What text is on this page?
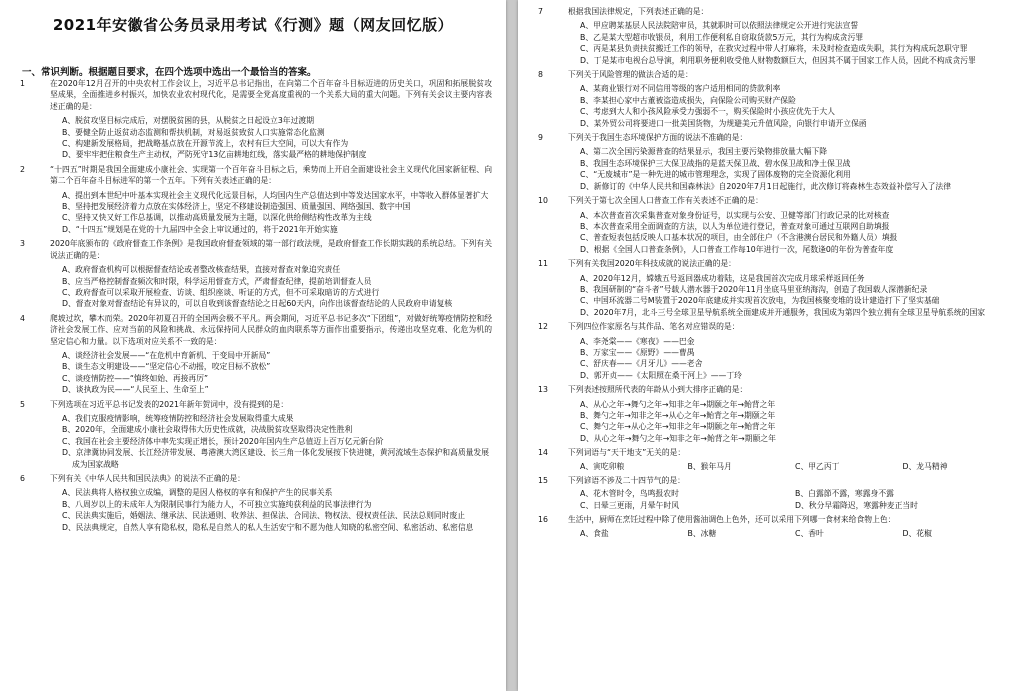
2021年安徽省公务员录用考试《行测》题（网友回忆版）
一、常识判断。根据题目要求，在四个选项中选出一个最恰当的答案。
1	在2020年12月召开的中央农村工作会议上，习近平总书记指出，在向第二个百年奋斗目标迈进的历史关口，巩固和拓展脱贫攻坚成果，全面推进乡村振兴，加快农业农村现代化，是需要全党高度重视的一个关系大局的重大问题。下列有关会议主要内容表述正确的是：
A、脱贫攻坚目标完成后，对摆脱贫困的县，从脱贫之日起设立3年过渡期
B、要健全防止返贫动态监测和帮扶机制，对易返贫致贫人口实施常态化监测
C、构建新发展格局，把战略基点放在开源节流上，农村有巨大空间，可以大有作为
D、要牢牢把住粮食生产主动权，严防死守13亿亩耕地红线，落实最严格的耕地保护制度
2	“十四五”时期是我国全面建成小康社会、实现第一个百年奋斗目标之后，乘势而上开启全面建设社会主义现代化国家新征程、向第二个百年奋斗目标进军的第一个五年。下列有关表述正确的是：
A、提出到本世纪中叶基本实现社会主义现代化远景目标，人均国内生产总值达到中等发达国家水平，中等收入群体显著扩大
B、坚持把发展经济着力点放在实体经济上，坚定不移建设制造强国、质量强国、网络强国、数字中国
C、坚持又快又好工作总基调，以推动高质量发展为主题，以深化供给侧结构性改革为主线
D、“十四五”规划是在党的十九届四中全会上审议通过的，将于2021年开始实施
3	2020年底颁布的《政府督查工作条例》是我国政府督查领域的第一部行政法规，是政府督查工作长期实践的系统总结。下列有关说法正确的是：
A、政府督查机构可以根据督查结论或者整改核查结果，直接对督查对象追究责任
B、应当严格控制督查频次和时限，科学运用督查方式，严肃督查纪律，提前培训督查人员
C、政府督查可以采取开展检查、访谈、组织座谈、听证的方式，但不可采取暗访的方式进行
D、督查对象对督查结论有异议的，可以自收到该督查结论之日起60天内，向作出该督查结论的人民政府申请复核
4	爬坡过坎，攀木而荣。2020年初夏召开的全国两会极不平凡。两会期间，习近平总书记多次“下团组”，对做好统筹疫情防控和经济社会发展工作、应对当前的风险和挑战、永远保持同人民群众的血肉联系等方面作出重要指示，传递出攻坚克难、化危为机的坚定信心和力量。以下选项对应关系不一致的是：
A、谈经济社会发展——“在危机中育新机、于变局中开新局”
B、谈生态文明建设——“坚定信心不动摇，咬定目标不放松”
C、谈疫情防控——“慎终如始、再接再厉”
D、谈执政为民——“人民至上、生命至上”
5	下列选项在习近平总书记发表的2021年新年贺词中，没有提到的是：
A、我们克服疫情影响，统筹疫情防控和经济社会发展取得重大成果
B、2020年，全面建成小康社会取得伟大历史性成就，决战脱贫攻坚取得决定性胜利
C、我国在社会主要经济体中率先实现正增长，预计2020年国内生产总值迈上百万亿元新台阶
D、京津冀协同发展、长江经济带发展、粤港澳大湾区建设、长三角一体化发展按下快进键，黄河流域生态保护和高质量发展成为国家战略
6	下列有关《中华人民共和国民法典》的说法不正确的是：
A、民法典将人格权独立成编，调整的是因人格权的享有和保护产生的民事关系
B、八周岁以上的未成年人为限制民事行为能力人，不可独立实施纯获利益的民事法律行为
C、民法典实施后，婚姻法、继承法、民法通则、收养法、担保法、合同法、物权法、侵权责任法、民法总则同时废止
D、民法典规定，自然人享有隐私权，隐私是自然人的私人生活安宁和不愿为他人知晓的私密空间、私密活动、私密信息
7	根据我国法律规定，下列表述正确的是：
A、甲应聘某基层人民法院陪审员，其就职时可以依照法律规定公开进行宪法宣誓
B、乙是某大型超市收银员，利用工作便利私自窃取货款5万元，其行为构成贪污罪
C、丙是某县负责扶贫搬迁工作的领导，在救灾过程中带人打麻将，未及时检查造成失职，其行为构成玩忽职守罪
D、丁是某市电视台总导演，利用职务便利收受他人财物数额巨大，但因其不属于国家工作人员，因此不构成贪污罪
8	下列关于风险管理的做法合适的是：
A、某商业银行对不同信用等级的客户适用相同的贷款利率
B、李某担心家中古董被盗造成损失，向保险公司购买财产保险
C、考虑到大人和小孩风险承受力强弱不一，购买保险时小孩应优先于大人
D、某外贸公司将要进口一批美国货物，为规避美元升值风险，向银行申请开立保函
9	下列关于我国生态环境保护方面的说法不准确的是：
A、第二次全国污染源普查的结果显示，我国主要污染物排放量大幅下降
B、我国生态环境保护三大保卫战指的是蓝天保卫战、碧水保卫战和净土保卫战
C、“无废城市”是一种先进的城市管理理念，实现了固体废物的完全资源化利用
D、新修订的《中华人民共和国森林法》自2020年7月1日起施行，此次修订将森林生态效益补偿写入了法律
10	下列关于第七次全国人口普查工作有关表述不正确的是：
A、本次普查首次采集普查对象身份证号，以实现与公安、卫健等部门行政记录的比对核查
B、本次普查采用全面调查的方法，以人为单位进行登记，普查对象可通过互联网自助填报
C、普查短表包括反映人口基本状况的项目，由全部住户（不含港澳台居民和外籍人员）填报
D、根据《全国人口普查条例》，人口普查工作每10年进行一次，尾数逢0的年份为普查年度
11	下列有关我国2020年科技成就的说法正确的是：
A、2020年12月，嫦娥五号返回器成功着陆，这是我国首次完成月球采样返回任务
B、我国研制的“奋斗者”号载人潜水器于2020年11月坐底马里亚纳海沟，创造了我国载人深潜新纪录
C、中国环流器二号M装置于2020年底建成并实现首次放电，为我国核聚变堆的设计建造打下了坚实基础
D、2020年7月，北斗三号全球卫星导航系统全面建成并开通服务，我国成为第四个独立拥有全球卫星导航系统的国家
12	下列四位作家原名与其作品、笔名对应错误的是：
A、李尧棠——《寒夜》——巴金
B、万家宝——《原野》——曹禺
C、舒庆春——《月牙儿》——老舍
D、郭开贞——《太阳照在桑干河上》——丁玲
13	下列表述按照所代表的年龄从小到大排序正确的是：
A、从心之年→舞勺之年→知非之年→期颐之年→鲐背之年
B、舞勺之年→知非之年→从心之年→鲐背之年→期颐之年
C、舞勺之年→从心之年→知非之年→期颐之年→鲐背之年
D、从心之年→舞勺之年→知非之年→鲐背之年→期颐之年
14	下列词语与“天干地支”无关的是：
A、寅吃卯粮	B、猴年马月	C、甲乙丙丁	D、龙马精神
15	下列谚语不涉及二十四节气的是：
A、花木管时令，鸟鸣报农时	B、白露節不露，寒露身不露
C、日晕三更雨，月晕午时风	D、秋分早霜降迟，寒露种麦正当时
16	生活中，厨师在烹饪过程中除了使用酱油调色上色外，还可以采用下列哪一食材来给食物上色：
A、食盐	B、冰糖	C、香叶	D、花椒
